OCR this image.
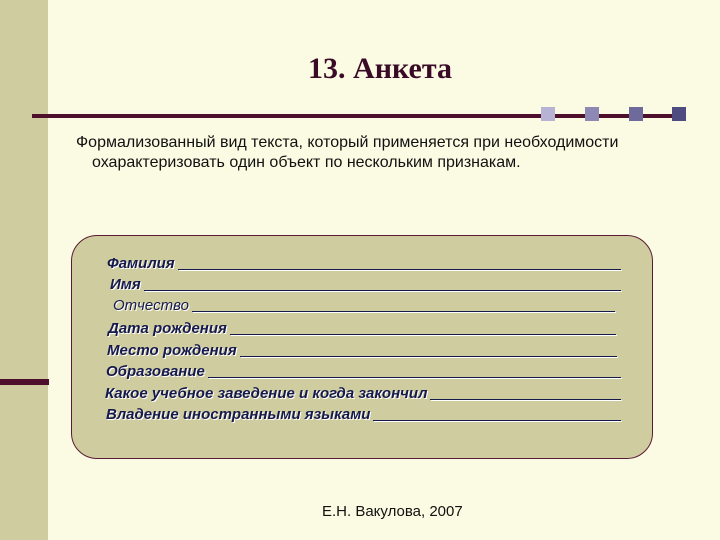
13. Анкета
Формализованный вид текста, который применяется при необходимости охарактеризовать один объект по нескольким признакам.
Фамилия
Имя
Отчество
Дата рождения
Место рождения
Образование
Какое учебное заведение и когда закончил
Владение иностранными языками
Е.Н. Вакулова, 2007
